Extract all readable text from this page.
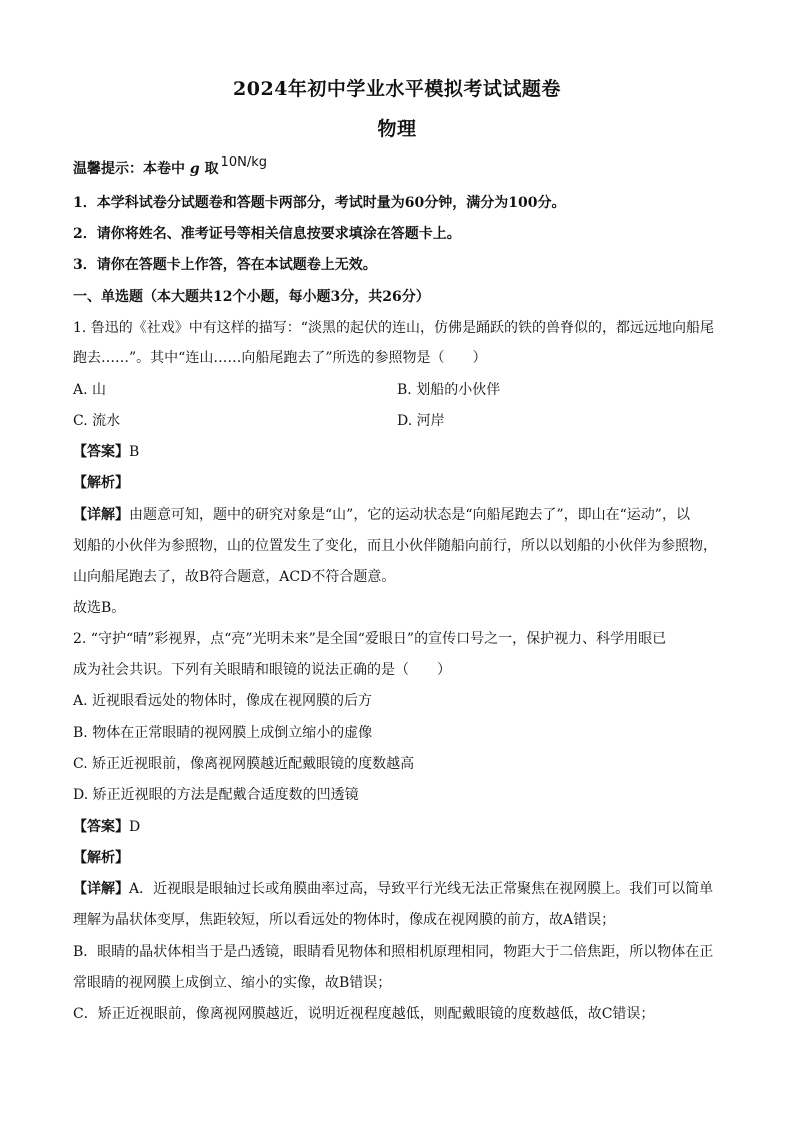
2024年初中学业水平模拟考试试题卷
物理
温馨提示：本卷中 g 取 10N/kg
1．本学科试卷分试题卷和答题卡两部分，考试时量为60分钟，满分为100分。
2．请你将姓名、准考证号等相关信息按要求填涂在答题卡上。
3．请你在答题卡上作答，答在本试题卷上无效。
一、单选题（本大题共12个小题，每小题3分，共26分）
1. 鲁迅的《社戏》中有这样的描写：“淡黑的起伏的连山，仿佛是踊跃的铁的兽脊似的，都远远地向船尾
跑去……”。其中“连山……向船尾跑去了”所选的参照物是（　　）
A. 山	B. 划船的小伙伴
C. 流水	D. 河岸
【答案】B
【解析】
【详解】由题意可知，题中的研究对象是“山”，它的运动状态是“向船尾跑去了”，即山在“运动”，以
划船的小伙伴为参照物，山的位置发生了变化，而且小伙伴随船向前行，所以以划船的小伙伴为参照物，
山向船尾跑去了，故B符合题意，ACD不符合题意。
故选B。
2. “守护“晴”彩视界，点“亮”光明未来”是全国“爱眼日”的宣传口号之一，保护视力、科学用眼已
成为社会共识。下列有关眼睛和眼镜的说法正确的是（　　）
A. 近视眼看远处的物体时，像成在视网膜的后方
B. 物体在正常眼睛的视网膜上成倒立缩小的虚像
C. 矫正近视眼前，像离视网膜越近配戴眼镜的度数越高
D. 矫正近视眼的方法是配戴合适度数的凹透镜
【答案】D
【解析】
【详解】A．近视眼是眼轴过长或角膜曲率过高，导致平行光线无法正常聚焦在视网膜上。我们可以简单
理解为晶状体变厚，焦距较短，所以看远处的物体时，像成在视网膜的前方，故A错误；
B．眼睛的晶状体相当于是凸透镜，眼睛看见物体和照相机原理相同，物距大于二倍焦距，所以物体在正
常眼睛的视网膜上成倒立、缩小的实像，故B错误；
C．矫正近视眼前，像离视网膜越近，说明近视程度越低，则配戴眼镜的度数越低，故C错误；
